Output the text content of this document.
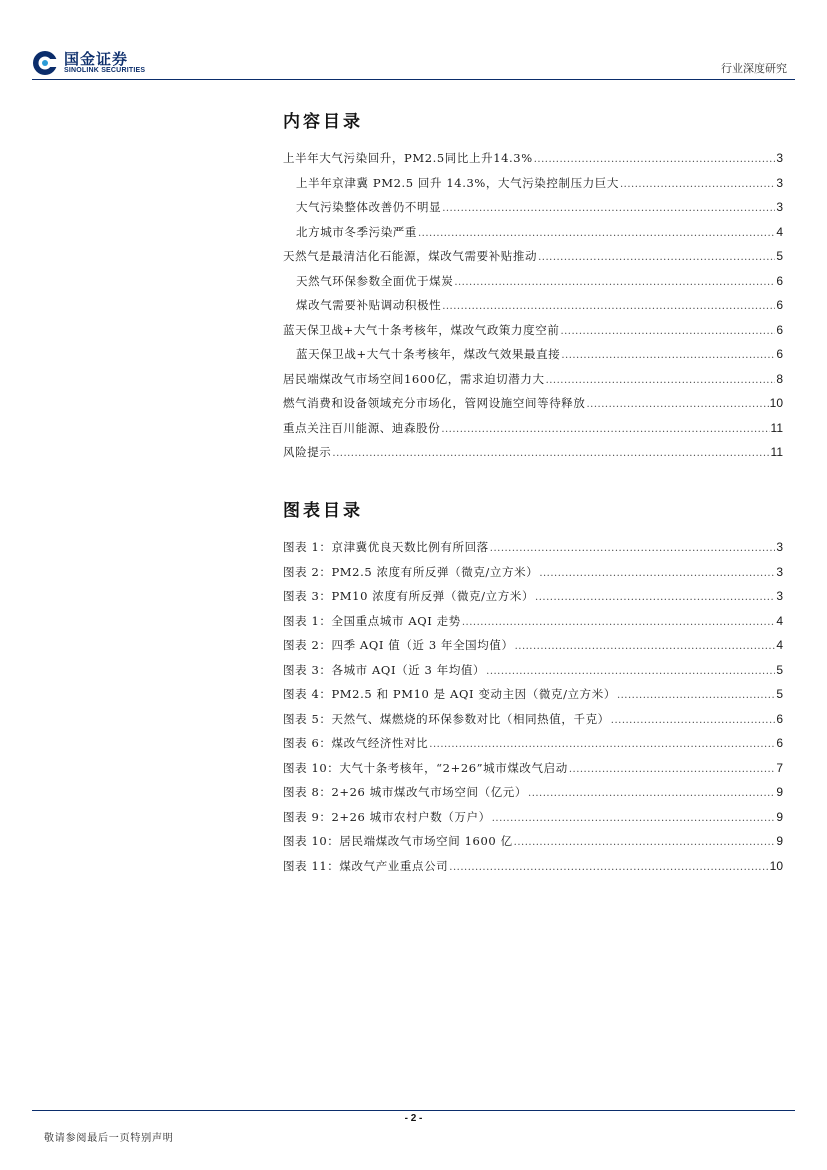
国金证券
SINOLINK SECURITIES	行业深度研究
内容目录
上半年大气污染回升，PM2.5同比上升14.3% .....	3
上半年京津冀 PM2.5 回升 14.3%，大气污染控制压力巨大 .....	3
大气污染整体改善仍不明显 .....	3
北方城市冬季污染严重 .....	4
天然气是最清洁化石能源，煤改气需要补贴推动 .....	5
天然气环保参数全面优于煤炭 .....	6
煤改气需要补贴调动积极性 .....	6
蓝天保卫战+大气十条考核年，煤改气政策力度空前 .....	6
蓝天保卫战+大气十条考核年，煤改气效果最直接 .....	6
居民端煤改气市场空间1600亿，需求迫切潜力大 .....	8
燃气消费和设备领域充分市场化，管网设施空间等待释放 .....	10
重点关注百川能源、迪森股份 .....	11
风险提示 .....	11
图表目录
图表 1：京津冀优良天数比例有所回落 .....	3
图表 2：PM2.5 浓度有所反弹（微克/立方米） .....	3
图表 3：PM10 浓度有所反弹（微克/立方米） .....	3
图表 1：全国重点城市 AQI 走势 .....	4
图表 2：四季 AQI 值（近 3 年全国均值） .....	4
图表 3：各城市 AQI（近 3 年均值） .....	5
图表 4：PM2.5 和 PM10 是 AQI 变动主因（微克/立方米） .....	5
图表 5：天然气、煤燃烧的环保参数对比（相同热值，千克） .....	6
图表 6：煤改气经济性对比 .....	6
图表 10：大气十条考核年，“2+26”城市煤改气启动 .....	7
图表 8：2+26 城市煤改气市场空间（亿元） .....	9
图表 9：2+26 城市农村户数（万户） .....	9
图表 10：居民端煤改气市场空间 1600 亿 .....	9
图表 11：煤改气产业重点公司 .....	10
- 2 -
敬请参阅最后一页特别声明
